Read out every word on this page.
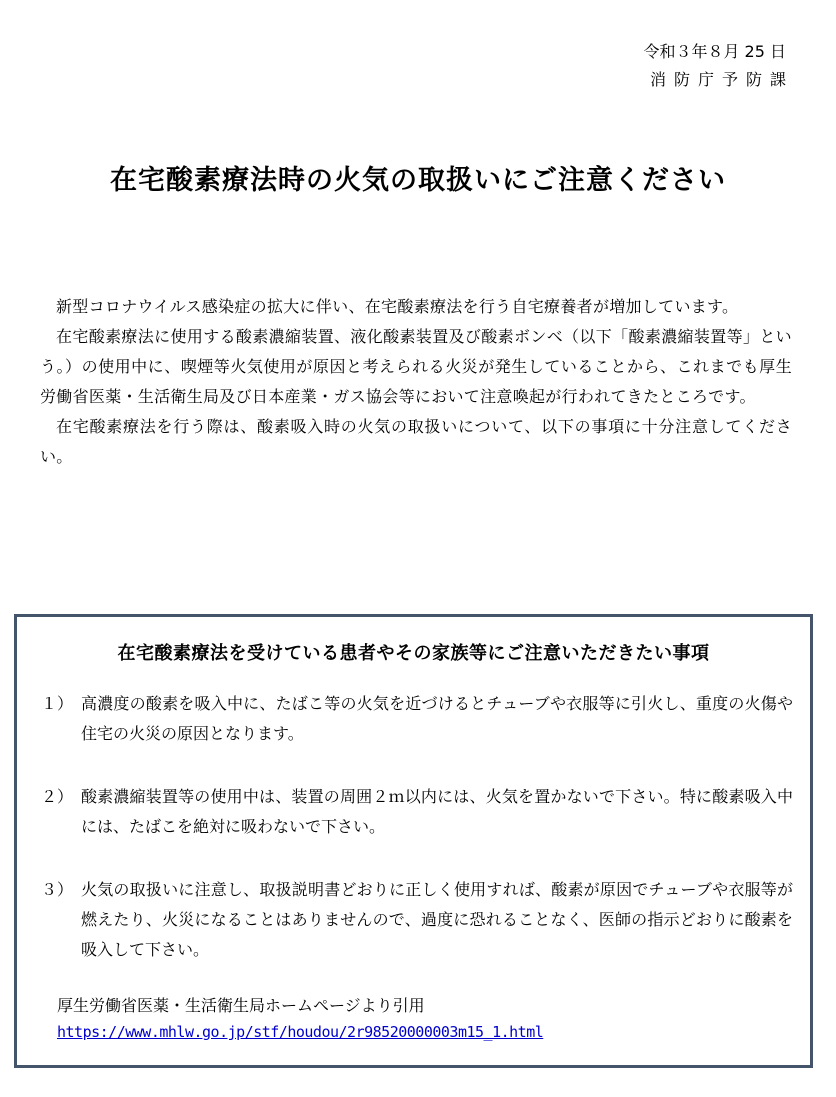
令和３年８月 25 日
消防庁予防課
在宅酸素療法時の火気の取扱いにご注意ください

新型コロナウイルス感染症の拡大に伴い、在宅酸素療法を行う自宅療養者が増加しています。

在宅酸素療法に使用する酸素濃縮装置、液化酸素装置及び酸素ボンベ（以下「酸素濃縮装置等」という。）の使用中に、喫煙等火気使用が原因と考えられる火災が発生していることから、これまでも厚生労働省医薬・生活衛生局及び日本産業・ガス協会等において注意喚起が行われてきたところです。

在宅酸素療法を行う際は、酸素吸入時の火気の取扱いについて、以下の事項に十分注意してください。

在宅酸素療法を受けている患者やその家族等にご注意いただきたい事項
１） 高濃度の酸素を吸入中に、たばこ等の火気を近づけるとチューブや衣服等に引火し、重度の火傷や住宅の火災の原因となります。
２） 酸素濃縮装置等の使用中は、装置の周囲２ｍ以内には、火気を置かないで下さい。特に酸素吸入中には、たばこを絶対に吸わないで下さい。
３） 火気の取扱いに注意し、取扱説明書どおりに正しく使用すれば、酸素が原因でチューブや衣服等が燃えたり、火災になることはありませんので、過度に恐れることなく、医師の指示どおりに酸素を吸入して下さい。
厚生労働省医薬・生活衛生局ホームページより引用
https://www.mhlw.go.jp/stf/houdou/2r98520000003m15_1.html
